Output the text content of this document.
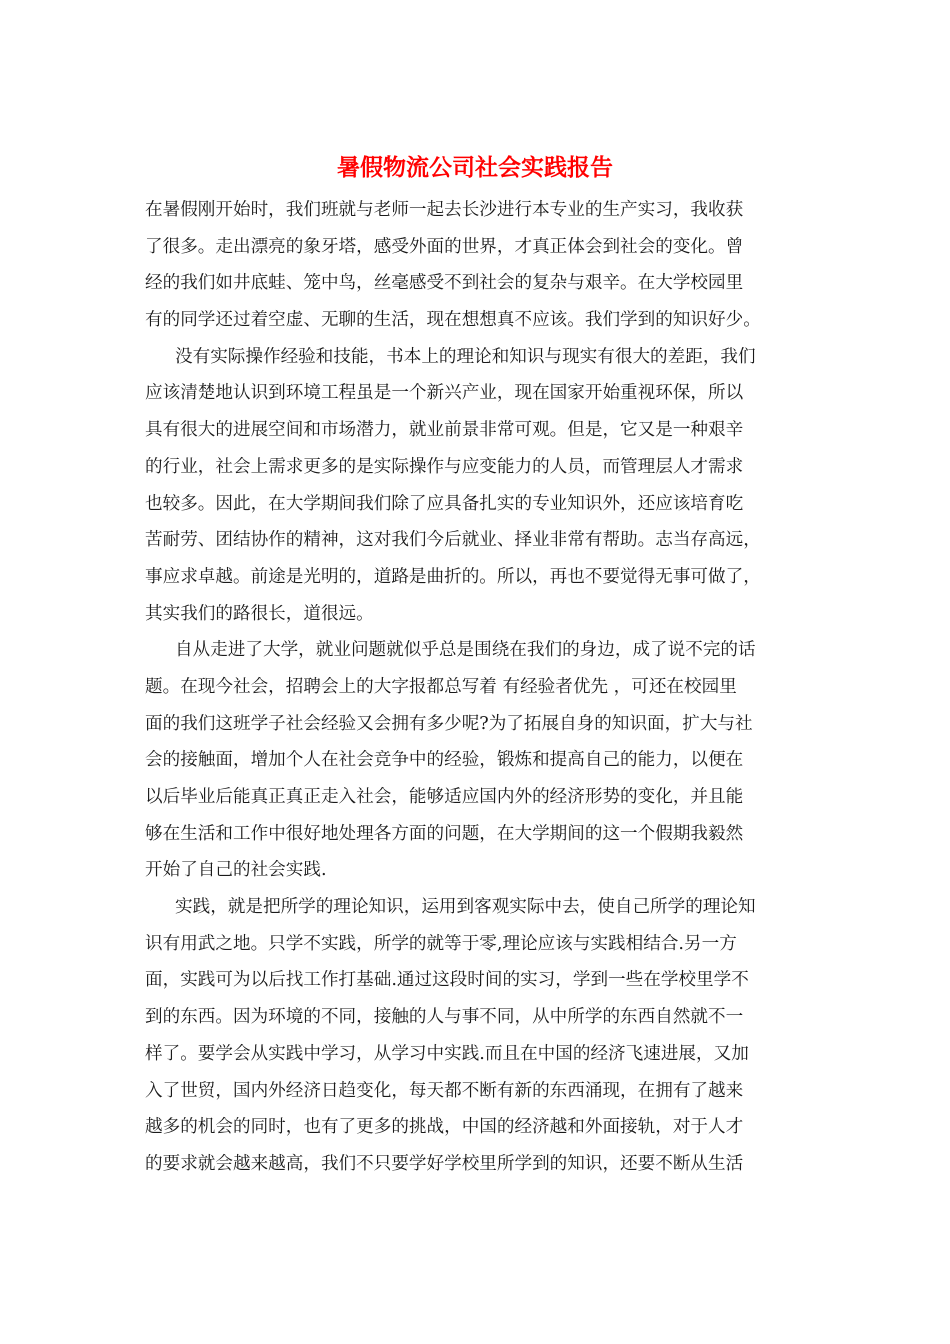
暑假物流公司社会实践报告

在暑假刚开始时，我们班就与老师一起去长沙进行本专业的生产实习，我收获
了很多。走出漂亮的象牙塔，感受外面的世界，才真正体会到社会的变化。曾
经的我们如井底蛙、笼中鸟，丝毫感受不到社会的复杂与艰辛。在大学校园里
有的同学还过着空虚、无聊的生活，现在想想真不应该。我们学到的知识好少。

没有实际操作经验和技能，书本上的理论和知识与现实有很大的差距，我们
应该清楚地认识到环境工程虽是一个新兴产业，现在国家开始重视环保，所以
具有很大的进展空间和市场潜力，就业前景非常可观。但是，它又是一种艰辛
的行业，社会上需求更多的是实际操作与应变能力的人员，而管理层人才需求
也较多。因此，在大学期间我们除了应具备扎实的专业知识外，还应该培育吃
苦耐劳、团结协作的精神，这对我们今后就业、择业非常有帮助。志当存高远，
事应求卓越。前途是光明的，道路是曲折的。所以，再也不要觉得无事可做了，
其实我们的路很长，道很远。

自从走进了大学，就业问题就似乎总是围绕在我们的身边，成了说不完的话
题。在现今社会，招聘会上的大字报都总写着 有经验者优先 ，可还在校园里
面的我们这班学子社会经验又会拥有多少呢?为了拓展自身的知识面，扩大与社
会的接触面，增加个人在社会竞争中的经验，锻炼和提高自己的能力，以便在
以后毕业后能真正真正走入社会，能够适应国内外的经济形势的变化，并且能
够在生活和工作中很好地处理各方面的问题，在大学期间的这一个假期我毅然
开始了自己的社会实践.

实践，就是把所学的理论知识，运用到客观实际中去，使自己所学的理论知
识有用武之地。只学不实践，所学的就等于零,理论应该与实践相结合.另一方
面，实践可为以后找工作打基础.通过这段时间的实习，学到一些在学校里学不
到的东西。因为环境的不同，接触的人与事不同，从中所学的东西自然就不一
样了。要学会从实践中学习，从学习中实践.而且在中国的经济飞速进展，又加
入了世贸，国内外经济日趋变化，每天都不断有新的东西涌现，在拥有了越来
越多的机会的同时，也有了更多的挑战，中国的经济越和外面接轨，对于人才
的要求就会越来越高，我们不只要学好学校里所学到的知识，还要不断从生活
